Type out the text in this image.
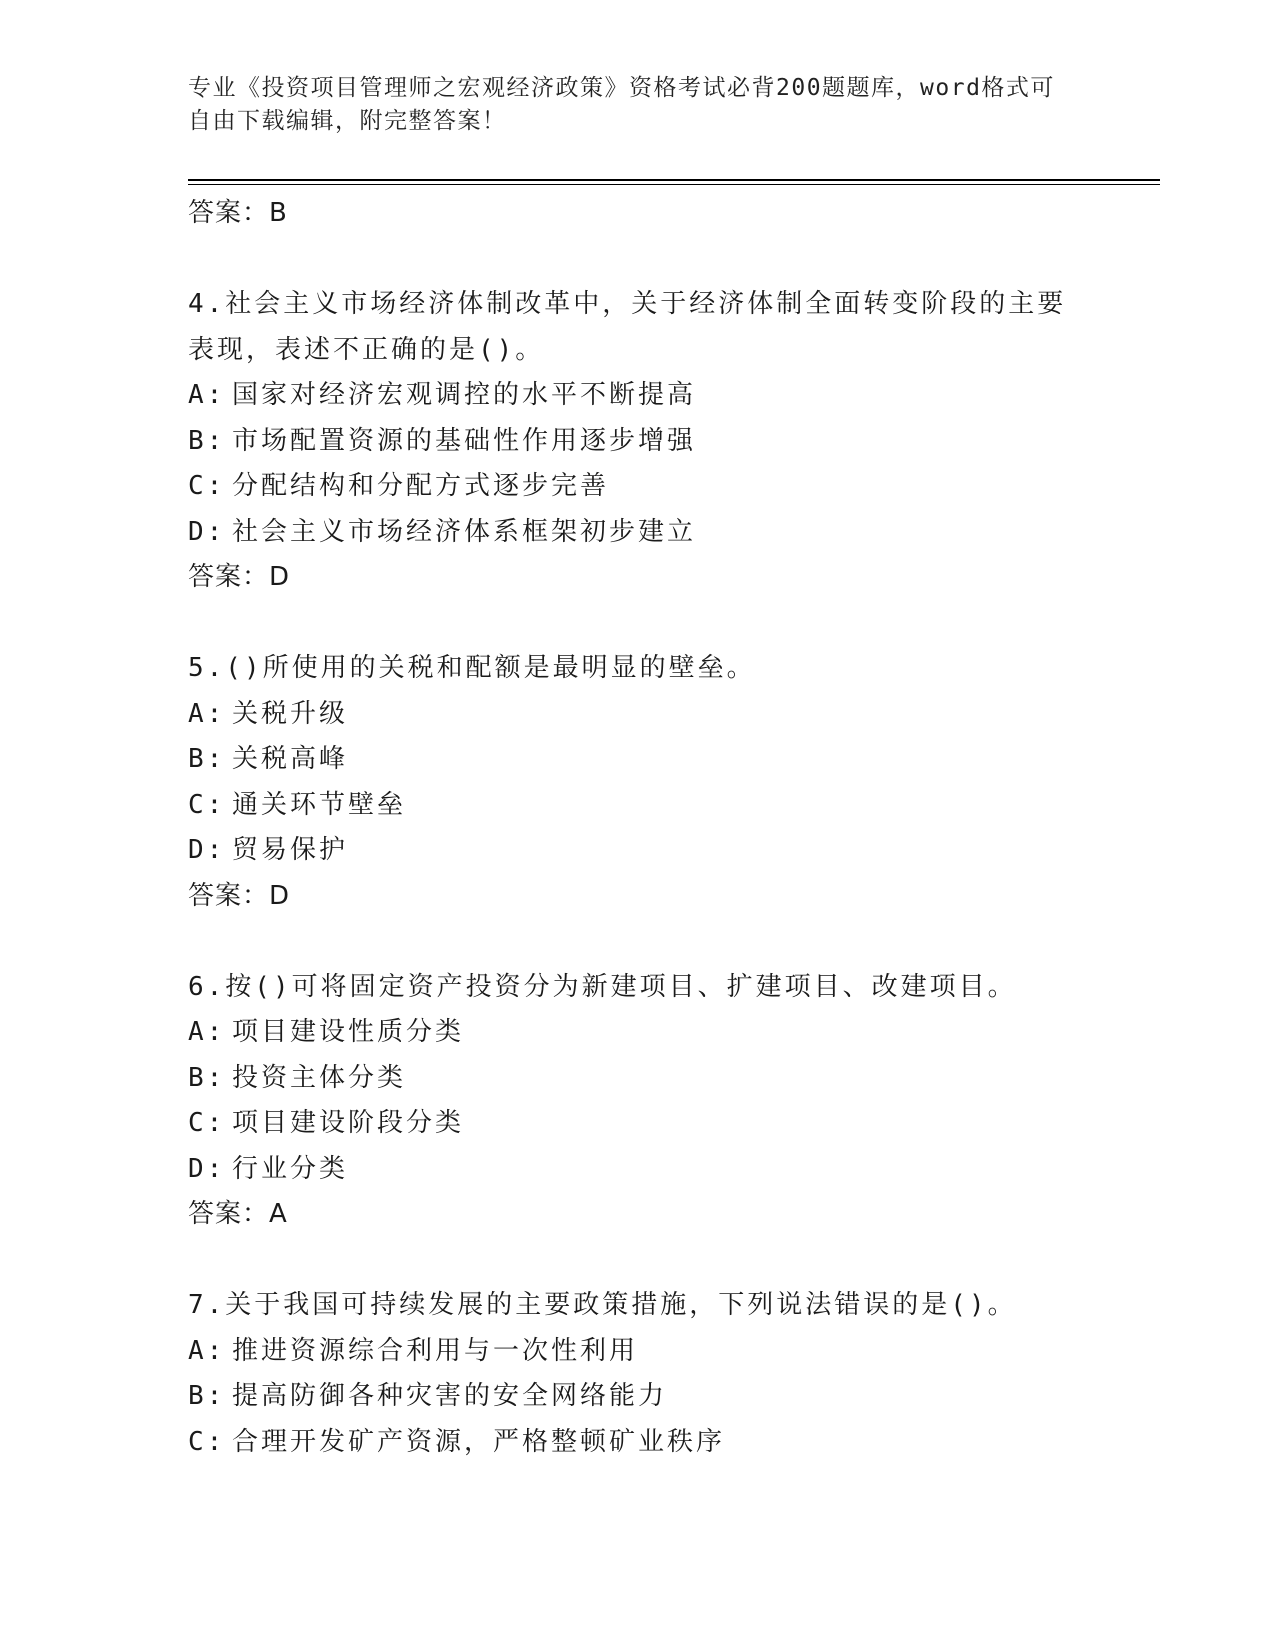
专业《投资项目管理师之宏观经济政策》资格考试必背200题题库，word格式可
自由下载编辑，附完整答案！
答案：B
4.社会主义市场经济体制改革中，关于经济体制全面转变阶段的主要
表现，表述不正确的是()。
A: 国家对经济宏观调控的水平不断提高
B: 市场配置资源的基础性作用逐步增强
C: 分配结构和分配方式逐步完善
D: 社会主义市场经济体系框架初步建立
答案：D
5.()所使用的关税和配额是最明显的壁垒。
A: 关税升级
B: 关税高峰
C: 通关环节壁垒
D: 贸易保护
答案：D
6.按()可将固定资产投资分为新建项目、扩建项目、改建项目。
A: 项目建设性质分类
B: 投资主体分类
C: 项目建设阶段分类
D: 行业分类
答案：A
7.关于我国可持续发展的主要政策措施，下列说法错误的是()。
A: 推进资源综合利用与一次性利用
B: 提高防御各种灾害的安全网络能力
C: 合理开发矿产资源，严格整顿矿业秩序
